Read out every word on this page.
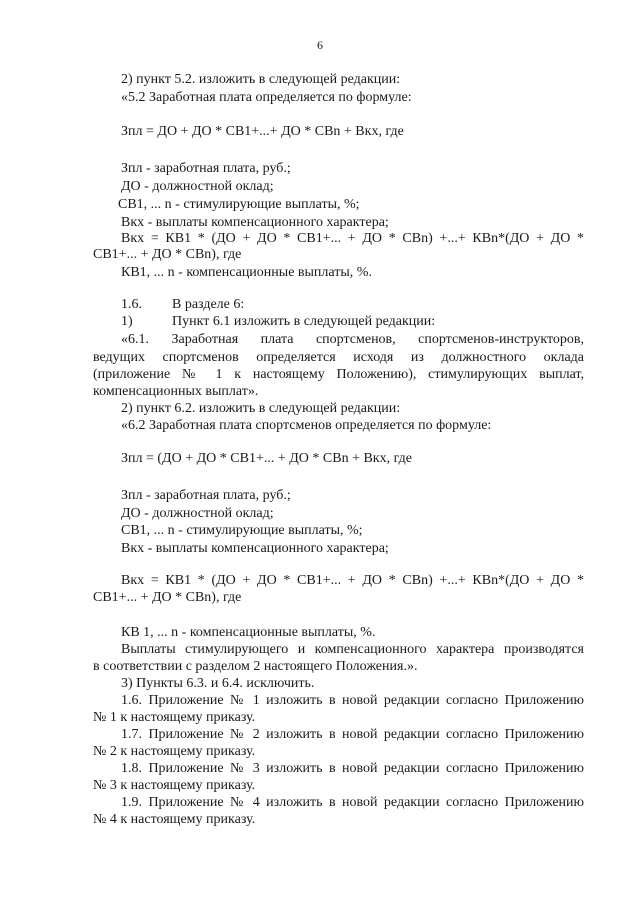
6

2) пункт 5.2. изложить в следующей редакции:

«5.2 Заработная плата определяется по формуле:

Зпл = ДО + ДО * СВ1+...+ ДО * СВn + Вкх, где

Зпл - заработная плата, руб.;

ДО - должностной оклад;

СВ1, ... n - стимулирующие выплаты, %;

Вкх - выплаты компенсационного характера;

Вкх = КВ1 * (ДО + ДО * СВ1+... + ДО * СВn) +...+ КВn*(ДО + ДО *

СВ1+... + ДО * СВn), где

КВ1, ... n - компенсационные выплаты, %.

1.6. В разделе 6:

1)	Пункт 6.1 изложить в следующей редакции:

«6.1. Заработная плата спортсменов, спортсменов-инструкторов,

ведущих спортсменов определяется исходя из должностного оклада

(приложение № 1 к настоящему Положению), стимулирующих выплат,

компенсационных выплат».

2) пункт 6.2. изложить в следующей редакции:

«6.2 Заработная плата спортсменов определяется по формуле:

Зпл = (ДО + ДО * СВ1+... + ДО * СВn + Вкх, где

Зпл - заработная плата, руб.;

ДО - должностной оклад;

СВ1, ... n - стимулирующие выплаты, %;

Вкх - выплаты компенсационного характера;

Вкх = КВ1 * (ДО + ДО * СВ1+... + ДО * СВn) +...+ КВn*(ДО + ДО *

СВ1+... + ДО * СВn), где

КВ 1, ... n - компенсационные выплаты, %.

Выплаты стимулирующего и компенсационного характера производятся

в соответствии с разделом 2 настоящего Положения.».

3) Пункты 6.3. и 6.4. исключить.

1.6. Приложение № 1 изложить в новой редакции согласно Приложению

№ 1 к настоящему приказу.

1.7. Приложение № 2 изложить в новой редакции согласно Приложению

№ 2 к настоящему приказу.

1.8. Приложение № 3 изложить в новой редакции согласно Приложению

№ 3 к настоящему приказу.

1.9. Приложение № 4 изложить в новой редакции согласно Приложению

№ 4 к настоящему приказу.
